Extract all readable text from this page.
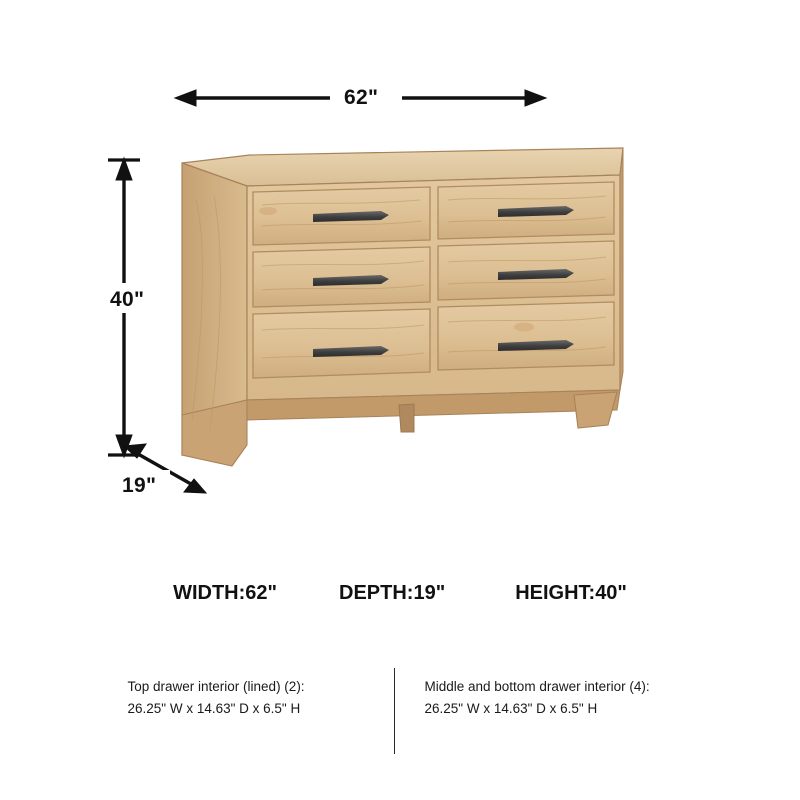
62"
40"
19"
WIDTH:62"	DEPTH:19"	HEIGHT:40"
Top drawer interior (lined) (2):
26.25" W x 14.63" D x 6.5" H
Middle and bottom drawer interior (4):
26.25" W x 14.63" D x 6.5" H
